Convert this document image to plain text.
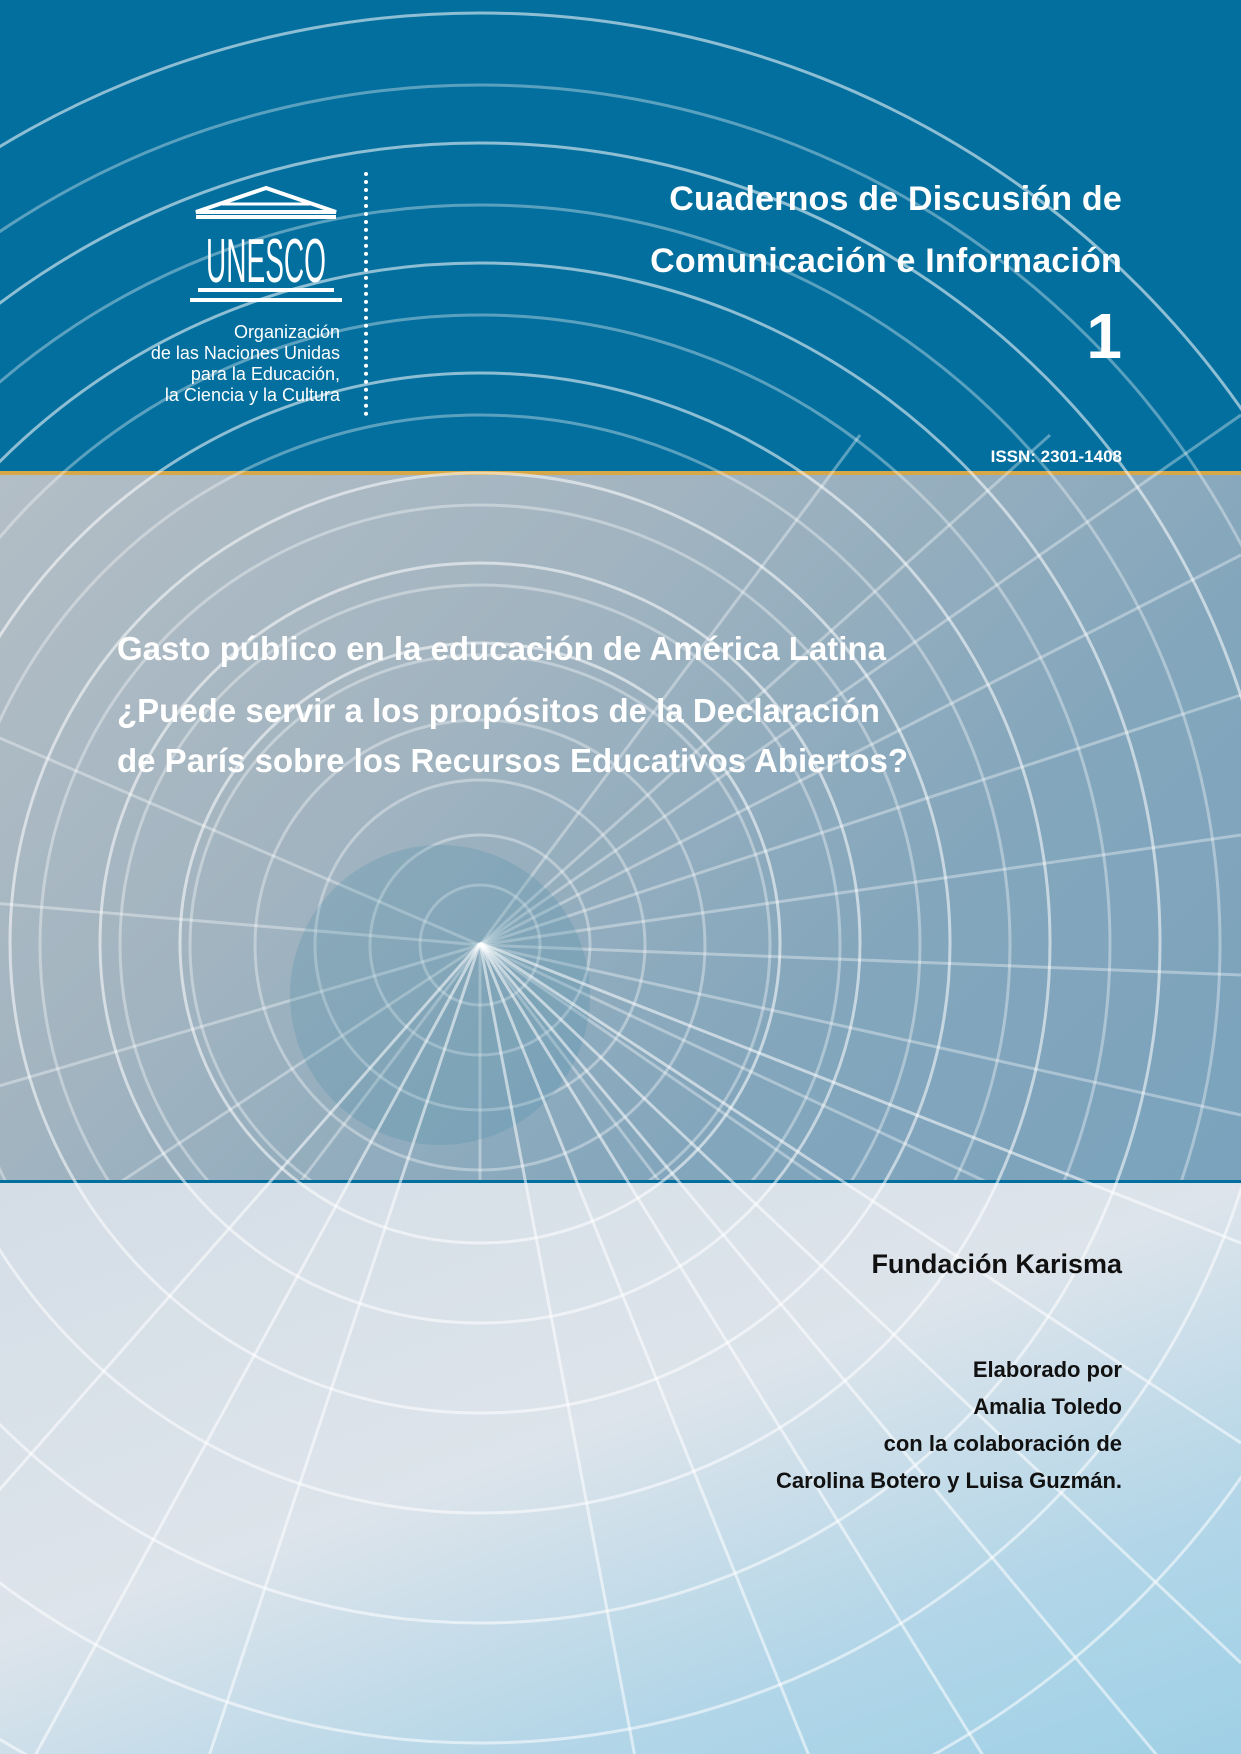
UNESCO
Organización
de las Naciones Unidas
para la Educación,
la Ciencia y la Cultura
Cuadernos de Discusión de
Comunicación e Información
1
ISSN: 2301-1408
Gasto público en la educación de América Latina
¿Puede servir a los propósitos de la Declaración
de París sobre los Recursos Educativos Abiertos?
Fundación Karisma
Elaborado por
Amalia Toledo
con la colaboración de
Carolina Botero y Luisa Guzmán.
